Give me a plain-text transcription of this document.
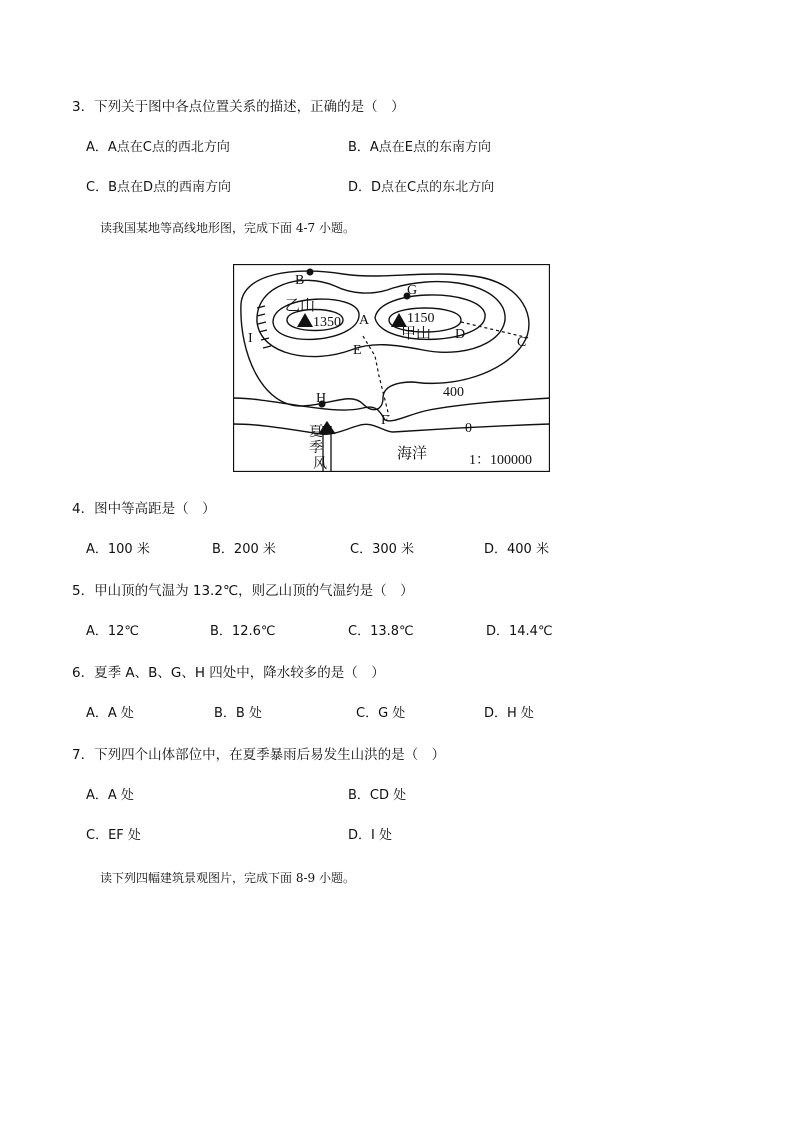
3．下列关于图中各点位置关系的描述，正确的是（　）
A．A点在C点的西北方向	B．A点在E点的东南方向
C．B点在D点的西南方向	D．D点在C点的东北方向
读我国某地等高线地形图，完成下面 4-7 小题。
乙山
1350	1150
甲山
A
B
C
D
E
F
G
H
I
400
0
海洋	1：100000
夏
季
风
4．图中等高距是（　）
A．100 米	B．200 米	C．300 米	D．400 米
5．甲山顶的气温为 13.2℃，则乙山顶的气温约是（　）
A．12℃	B．12.6℃	C．13.8℃	D．14.4℃
6．夏季 A、B、G、H 四处中，降水较多的是（　）
A．A 处	B．B 处	C．G 处	D．H 处
7．下列四个山体部位中，在夏季暴雨后易发生山洪的是（　）
A．A 处	B．CD 处
C．EF 处	D．I 处
读下列四幅建筑景观图片，完成下面 8-9 小题。
